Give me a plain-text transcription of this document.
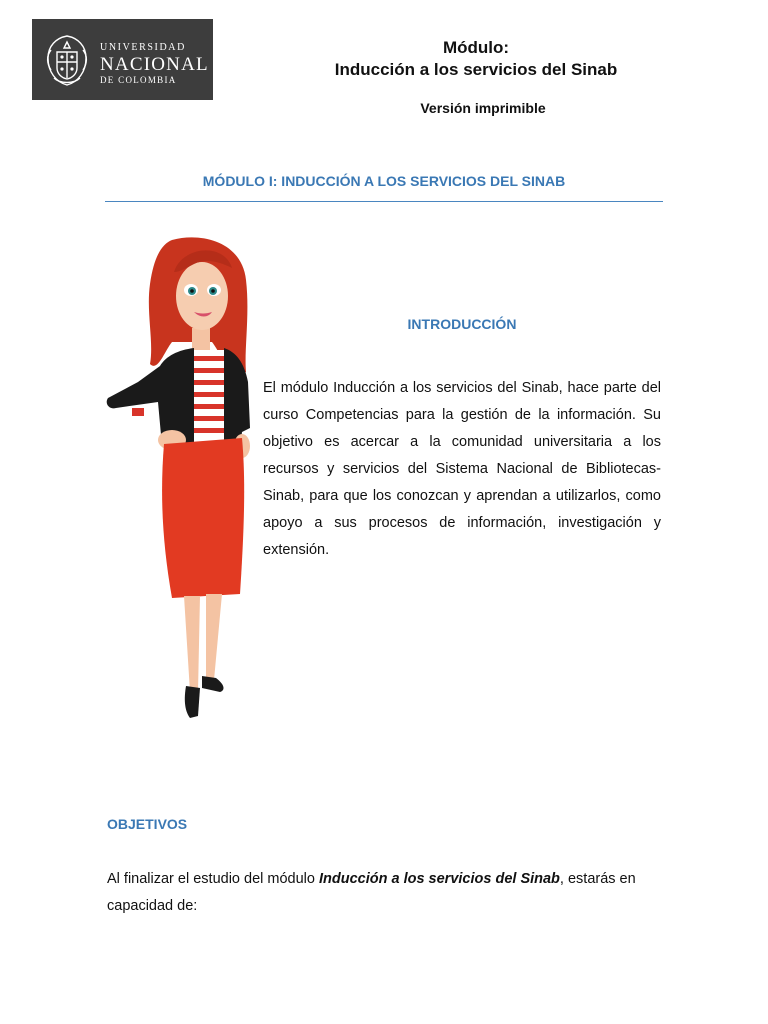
UNIVERSIDAD
NACIONAL
DE COLOMBIA
Módulo:
Inducción a los servicios del Sinab
Versión imprimible
MÓDULO I: INDUCCIÓN A LOS SERVICIOS DEL SINAB
INTRODUCCIÓN
El módulo Inducción a los servicios del Sinab, hace parte del curso Competencias para la gestión de la información. Su objetivo es acercar a la comunidad universitaria a los recursos y servicios del Sistema Nacional de Bibliotecas-Sinab, para que los conozcan y aprendan a utilizarlos, como apoyo a sus procesos de información, investigación y extensión.
OBJETIVOS
Al finalizar el estudio del módulo Inducción a los servicios del Sinab, estarás en capacidad de:
